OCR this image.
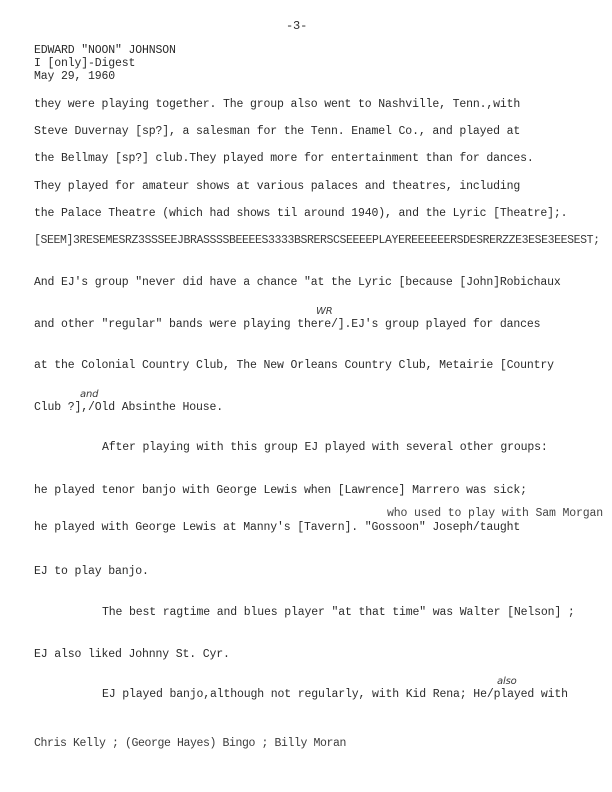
-3-
EDWARD "NOON" JOHNSON
I [only]-Digest
May 29, 1960
they were playing together. The group also went to Nashville, Tenn.,with
Steve Duvernay [sp?], a salesman for the Tenn. Enamel Co., and played at
the Bellmay [sp?] club.They played more for entertainment than for dances.
They played for amateur shows at various palaces and theatres, including
the Palace Theatre (which had shows til around 1940), and the Lyric [Theatre];.
[SEEM]3RESEMESRZ3SSSEEJBRASSSSBEEEES3333BSRERSCSEEEEPLAYEREEEEEERSDESRERZZE3ESE3EESEST;
And EJ's group "never did have a chance "at the Lyric [because [John]Robichaux
WR
and other "regular" bands were playing there/].EJ's group played for dances
at the Colonial Country Club, The New Orleans Country Club, Metairie [Country
and
Club ?],/Old Absinthe House.
After playing with this group EJ played with several other groups:
he played tenor banjo with George Lewis when [Lawrence] Marrero was sick;
who used to play with Sam Morgan
he played with George Lewis at Manny's [Tavern]. "Gossoon" Joseph/taught
EJ to play banjo.
The best ragtime and blues player "at that time" was Walter [Nelson] ;
EJ also liked Johnny St. Cyr.
also
EJ played banjo,although not regularly, with Kid Rena; He/played with
Chris Kelly ; (George Hayes) Bingo ; Billy Moran
